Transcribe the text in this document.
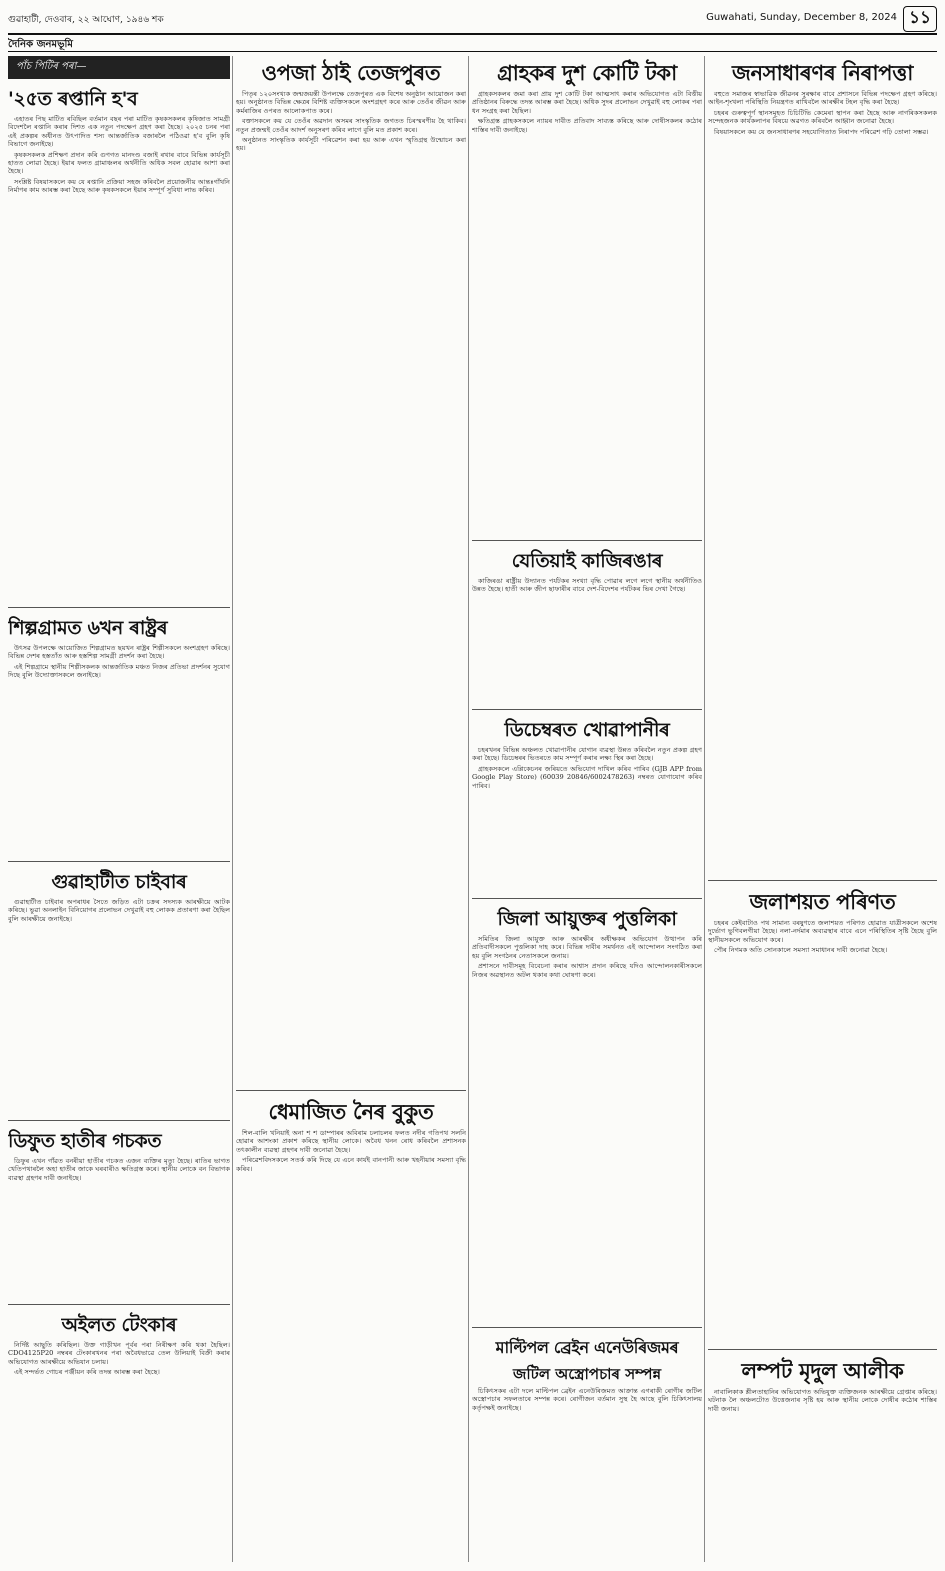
গুৱাহাটী, দেওবাৰ, ২২ আঘোণ, ১৯৪৬ শক	Guwahati, Sunday, December 8, 2024 ১১
দৈনিক জনমভূমি
পাঁচ পিটিৰ পৰা—
'২৫ত ৰপ্তানি হ'ব

এহাতৰ পিছ মাটিত ৰবিছিল বৰ্তমান বছৰ পৰা মাটিত কৃষকসকলৰ কৃষিজাত সামগ্ৰী বিদেশলৈ ৰপ্তানি কৰাৰ দিশত এক নতুন পদক্ষেপ গ্ৰহণ কৰা হৈছে। ২০২৫ চনৰ পৰা এই প্ৰকল্পৰ অধীনত উৎপাদিত শস্য আন্তৰ্জাতিক বজাৰলৈ পঠিওৱা হ'ব বুলি কৃষি বিভাগে জনাইছে।

কৃষকসকলক প্ৰশিক্ষণ প্ৰদান কৰি গুণগত মানদণ্ড বজাই ৰখাৰ বাবে বিভিন্ন কাৰ্যসূচী হাতত লোৱা হৈছে। ইয়াৰ ফলত গ্ৰামাঞ্চলৰ অৰ্থনীতি অধিক সবল হোৱাৰ আশা কৰা হৈছে।

সংশ্লিষ্ট বিষয়াসকলে কয় যে ৰপ্তানি প্ৰক্ৰিয়া সহজ কৰিবলৈ প্ৰয়োজনীয় আন্তঃগাঁথনি নিৰ্মাণৰ কাম আৰম্ভ কৰা হৈছে আৰু কৃষকসকলে ইয়াৰ সম্পূৰ্ণ সুবিধা লাভ কৰিব।

শিল্পগ্ৰামত ৬খন ৰাষ্ট্ৰৰ

উৎসৱ উপলক্ষে আয়োজিত শিল্পগ্ৰামত ছয়খন ৰাষ্ট্ৰৰ শিল্পীসকলে অংশগ্ৰহণ কৰিছে। বিভিন্ন দেশৰ হস্ততাঁত আৰু হস্তশিল্প সামগ্ৰী প্ৰদৰ্শন কৰা হৈছে।

এই শিল্পগ্ৰামে স্থানীয় শিল্পীসকলক আন্তৰ্জাতিক মঞ্চত নিজৰ প্ৰতিভা প্ৰদৰ্শনৰ সুযোগ দিছে বুলি উদ্যোক্তাসকলে জনাইছে।

গুৱাহাটীত চাইবাৰ

গুৱাহাটীত চাইবাৰ অপৰাধৰ সৈতে জড়িত এটা চক্ৰৰ সদস্যক আৰক্ষীয়ে আটক কৰিছে। ভুৱা অনলাইন বিনিয়োগৰ প্ৰলোভন দেখুৱাই বহু লোকক প্ৰতাৰণা কৰা হৈছিল বুলি আৰক্ষীয়ে জনাইছে।

ডিফুত হাতীৰ গচকত

ডিফুৰ এখন গাঁৱত বনৰীয়া হাতীৰ গচকত এজন ব্যক্তিৰ মৃত্যু হৈছে। ৰাতিৰ ভাগত খেতিপথাৰলৈ অহা হাতীৰ জাকে ঘৰবাৰীও ক্ষতিগ্ৰস্ত কৰে। স্থানীয় লোকে বন বিভাগক ব্যৱস্থা গ্ৰহণৰ দাবী জনাইছে।

অইলত টেংকাৰ

নিৰ্দিষ্ট আছুতি কৰিছিল। উক্ত গাড়ীখন পূৰ্বৰ পৰা নিৰীক্ষণ কৰি থকা হৈছিল। CDO4125P20 নম্বৰৰ টেংকাৰখনৰ পৰা অবৈধভাৱে তেল উলিয়াই বিক্ৰী কৰাৰ অভিযোগত আৰক্ষীয়ে অভিযান চলায়।

এই সন্দৰ্ভত গোচৰ পঞ্জীয়ন কৰি তদন্ত আৰম্ভ কৰা হৈছে।

ওপজা ঠাই তেজপুৰত

পিতৃৰ ১২০সংখ্যক জন্মজয়ন্তী উপলক্ষে তেজপুৰত এক বিশেষ অনুষ্ঠান আয়োজন কৰা হয়। অনুষ্ঠানত বিভিন্ন ক্ষেত্ৰৰ বিশিষ্ট ব্যক্তিসকলে অংশগ্ৰহণ কৰে আৰু তেওঁৰ জীৱন আৰু কৰ্মৰাজিৰ ওপৰত আলোকপাত কৰে।

বক্তাসকলে কয় যে তেওঁৰ অৱদান অসমৰ সাংস্কৃতিক জগতত চিৰস্মৰণীয় হৈ থাকিব। নতুন প্ৰজন্মই তেওঁৰ আদৰ্শ অনুসৰণ কৰিব লাগে বুলি মত প্ৰকাশ কৰে।

অনুষ্ঠানত সাংস্কৃতিক কাৰ্যসূচী পৰিৱেশন কৰা হয় আৰু এখন স্মৃতিগ্ৰন্থ উন্মোচন কৰা হয়।

ধেমাজিত নৈৰ বুকুত

শিল-বালি খনিয়াই অনা শ শ ডাম্পাৰৰ অবিৰাম চলাচলৰ ফলত নদীৰ গতিপথ সলনি হোৱাৰ আশংকা প্ৰকাশ কৰিছে স্থানীয় লোকে। অবৈধ খনন ৰোধ কৰিবলৈ প্ৰশাসনক তৎকালীন ব্যৱস্থা গ্ৰহণৰ দাবী জনোৱা হৈছে।

পৰিৱেশবিদসকলে সতৰ্ক কৰি দিছে যে এনে কাৰ্যই বানপানী আৰু খহনীয়াৰ সমস্যা বৃদ্ধি কৰিব।

গ্ৰাহকৰ দুশ কোটি টকা

গ্ৰাহকসকলৰ জমা কৰা প্ৰায় দুশ কোটি টকা আত্মসাৎ কৰাৰ অভিযোগত এটা বিত্তীয় প্ৰতিষ্ঠানৰ বিৰুদ্ধে তদন্ত আৰম্ভ কৰা হৈছে। অধিক সুদৰ প্ৰলোভন দেখুৱাই বহু লোকৰ পৰা ধন সংগ্ৰহ কৰা হৈছিল।

ক্ষতিগ্ৰস্ত গ্ৰাহকসকলে ন্যায়ৰ দাবীত প্ৰতিবাদ সাব্যস্ত কৰিছে আৰু দোষীসকলৰ কঠোৰ শাস্তিৰ দাবী জনাইছে।

যেতিয়াই কাজিৰঙাৰ

কাজিৰঙা ৰাষ্ট্ৰীয় উদ্যানত পৰ্যটকৰ সংখ্যা বৃদ্ধি পোৱাৰ লগে লগে স্থানীয় অৰ্থনীতিও উন্নত হৈছে। হাতী আৰু জীপ ছাফাৰীৰ বাবে দেশ-বিদেশৰ পৰ্যটকৰ ভিৰ দেখা গৈছে।

ডিচেম্বৰত খোৱাপানীৰ

চহৰখনৰ বিভিন্ন অঞ্চলত খোৱাপানীৰ যোগান ব্যৱস্থা উন্নত কৰিবলৈ নতুন প্ৰকল্প গ্ৰহণ কৰা হৈছে। ডিচেম্বৰৰ ভিতৰতে কাম সম্পূৰ্ণ কৰাৰ লক্ষ্য স্থিৰ কৰা হৈছে।

গ্ৰাহকসকলে এপ্লিকেচনৰ জৰিয়তে অভিযোগ দাখিল কৰিব পাৰিব (GJB APP from Google Play Store) (60039 20846/6002478263) নম্বৰত যোগাযোগ কৰিব পাৰিব।

জিলা আয়ুক্তৰ পুত্তলিকা

সমিতিৰ জিলা আয়ুক্ত আৰু আৰক্ষীৰ অধীক্ষকৰ অভিযোগ উত্থাপন কৰি প্ৰতিবাদীসকলে পুত্তলিকা দাহ কৰে। বিভিন্ন দাবীৰ সমৰ্থনত এই আন্দোলন সংগঠিত কৰা হয় বুলি সংগঠনৰ নেতাসকলে জনায়।

প্ৰশাসনে দাবীসমূহ বিবেচনা কৰাৰ আশ্বাস প্ৰদান কৰিছে যদিও আন্দোলনকাৰীসকলে নিজৰ অৱস্থানত অটল থকাৰ কথা ঘোষণা কৰে।

মাল্টিপল ব্ৰেইন এনেউৰিজমৰ
জটিল অস্ত্ৰোপচাৰ সম্পন্ন

চিকিৎসকৰ এটা দলে মাল্টিপল ব্ৰেইন এনেউৰিজমত আক্ৰান্ত এগৰাকী ৰোগীৰ জটিল অস্ত্ৰোপচাৰ সফলতাৰে সম্পন্ন কৰে। ৰোগীজন বৰ্তমান সুস্থ হৈ আছে বুলি চিকিৎসালয় কৰ্তৃপক্ষই জনাইছে।

জনসাধাৰণৰ নিৰাপত্তা

বহুতে সমাজৰ স্বাভাৱিক জীৱনৰ সুৰক্ষাৰ বাবে প্ৰশাসনে বিভিন্ন পদক্ষেপ গ্ৰহণ কৰিছে। আইন-শৃংখলা পৰিস্থিতি নিয়ন্ত্ৰণত ৰাখিবলৈ আৰক্ষীৰ টহল বৃদ্ধি কৰা হৈছে।

চহৰৰ গুৰুত্বপূৰ্ণ স্থানসমূহত চিচিটিভি কেমেৰা স্থাপন কৰা হৈছে আৰু নাগৰিকসকলক সন্দেহজনক কাৰ্যকলাপৰ বিষয়ে অৱগত কৰিবলৈ আহ্বান জনোৱা হৈছে।

বিষয়াসকলে কয় যে জনসাধাৰণৰ সহযোগিতাত নিৰাপদ পৰিৱেশ গঢ়ি তোলা সম্ভৱ।

জলাশয়ত পৰিণত

চহৰৰ কেইবাটাও পথ সামান্য বৰষুণতে জলাশয়ত পৰিণত হোৱাত যাত্ৰীসকলে অশেষ দুৰ্ভোগ ভুগিবলগীয়া হৈছে। নলা-নৰ্দমাৰ অব্যৱস্থাৰ বাবে এনে পৰিস্থিতিৰ সৃষ্টি হৈছে বুলি স্থানীয়সকলে অভিযোগ কৰে।

পৌৰ নিগমক অতি সোনকালে সমস্যা সমাধানৰ দাবী জনোৱা হৈছে।

লম্পট মৃদুল আলীক

নাবালিকাক শ্লীলতাহানিৰ অভিযোগত অভিযুক্ত ব্যক্তিজনক আৰক্ষীয়ে গ্ৰেপ্তাৰ কৰিছে। ঘটনাক লৈ অঞ্চলটোত উত্তেজনাৰ সৃষ্টি হয় আৰু স্থানীয় লোকে দোষীৰ কঠোৰ শাস্তিৰ দাবী জনায়।
